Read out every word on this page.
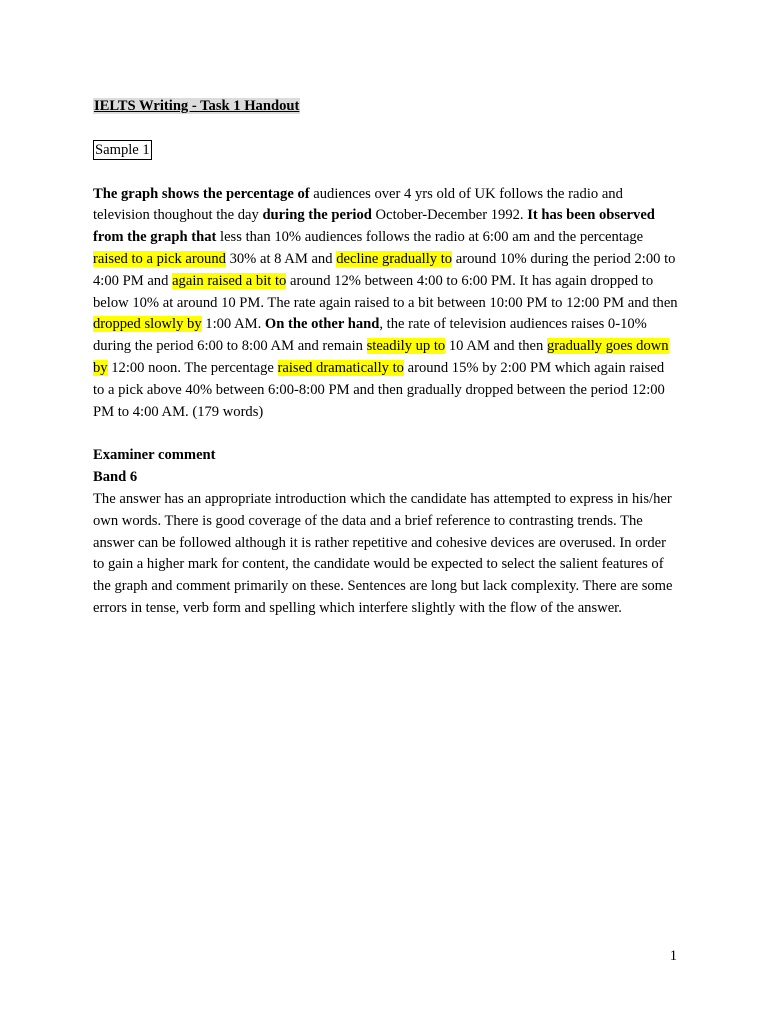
IELTS Writing - Task 1 Handout
Sample 1

The graph shows the percentage of audiences over 4 yrs old of UK follows the radio and television thoughout the day during the period October-December 1992. It has been observed from the graph that less than 10% audiences follows the radio at 6:00 am and the percentage raised to a pick around 30% at 8 AM and decline gradually to around 10% during the period 2:00 to 4:00 PM and again raised a bit to around 12% between 4:00 to 6:00 PM. It has again dropped to below 10% at around 10 PM. The rate again raised to a bit between 10:00 PM to 12:00 PM and then dropped slowly by 1:00 AM. On the other hand, the rate of television audiences raises 0-10% during the period 6:00 to 8:00 AM and remain steadily up to 10 AM and then gradually goes down by 12:00 noon. The percentage raised dramatically to around 15% by 2:00 PM which again raised to a pick above 40% between 6:00-8:00 PM and then gradually dropped between the period 12:00 PM to 4:00 AM. (179 words)

Examiner comment

Band 6

The answer has an appropriate introduction which the candidate has attempted to express in his/her own words. There is good coverage of the data and a brief reference to contrasting trends. The answer can be followed although it is rather repetitive and cohesive devices are overused. In order to gain a higher mark for content, the candidate would be expected to select the salient features of the graph and comment primarily on these. Sentences are long but lack complexity. There are some errors in tense, verb form and spelling which interfere slightly with the flow of the answer.

1
